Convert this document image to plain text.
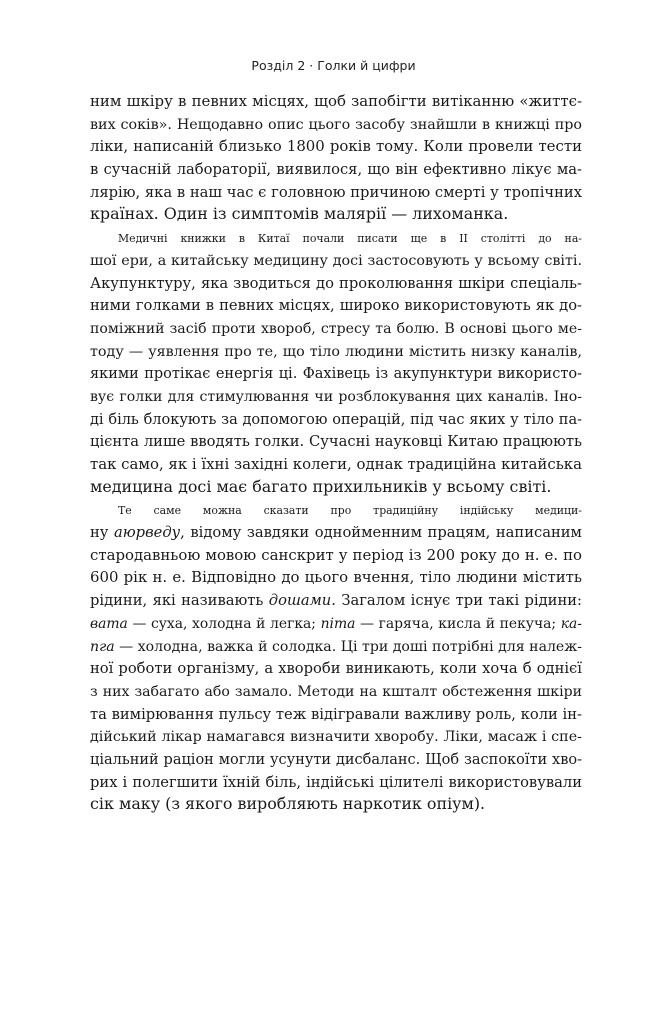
Розділ 2 · Голки й цифри
ним шкіру в певних місцях, щоб запобігти витіканню «життє-
вих соків». Нещодавно опис цього засобу знайшли в книжці про
ліки, написаній близько 1800 років тому. Коли провели тести
в сучасній лабораторії, виявилося, що він ефективно лікує ма-
лярію, яка в наш час є головною причиною смерті у тропічних
країнах. Один із симптомів малярії — лихоманка.
Медичні книжки в Китаї почали писати ще в II столітті до на-
шої ери, а китайську медицину досі застосовують у всьому світі.
Акупунктуру, яка зводиться до проколювання шкіри спеціаль-
ними голками в певних місцях, широко використовують як до-
поміжний засіб проти хвороб, стресу та болю. В основі цього ме-
тоду — уявлення про те, що тіло людини містить низку каналів,
якими протікає енергія ці. Фахівець із акупунктури використо-
вує голки для стимулювання чи розблокування цих каналів. Іно-
ді біль блокують за допомогою операцій, під час яких у тіло па-
цієнта лише вводять голки. Сучасні науковці Китаю працюють
так само, як і їхні західні колеги, однак традиційна китайська
медицина досі має багато прихильників у всьому світі.
Те саме можна сказати про традиційну індійську медици-
ну аюрведу, відому завдяки однойменним працям, написаним
стародавньою мовою санскрит у період із 200 року до н. е. по
600 рік н. е. Відповідно до цього вчення, тіло людини містить
рідини, які називають дошами. Загалом існує три такі рідини:
вата — суха, холодна й легка; піта — гаряча, кисла й пекуча; ка-
пга — холодна, важка й солодка. Ці три доші потрібні для належ-
ної роботи організму, а хвороби виникають, коли хоча б однієї
з них забагато або замало. Методи на кшталт обстеження шкіри
та вимірювання пульсу теж відігравали важливу роль, коли ін-
дійський лікар намагався визначити хворобу. Ліки, масаж і спе-
ціальний раціон могли усунути дисбаланс. Щоб заспокоїти хво-
рих і полегшити їхній біль, індійські цілителі використовували
сік маку (з якого виробляють наркотик опіум).
